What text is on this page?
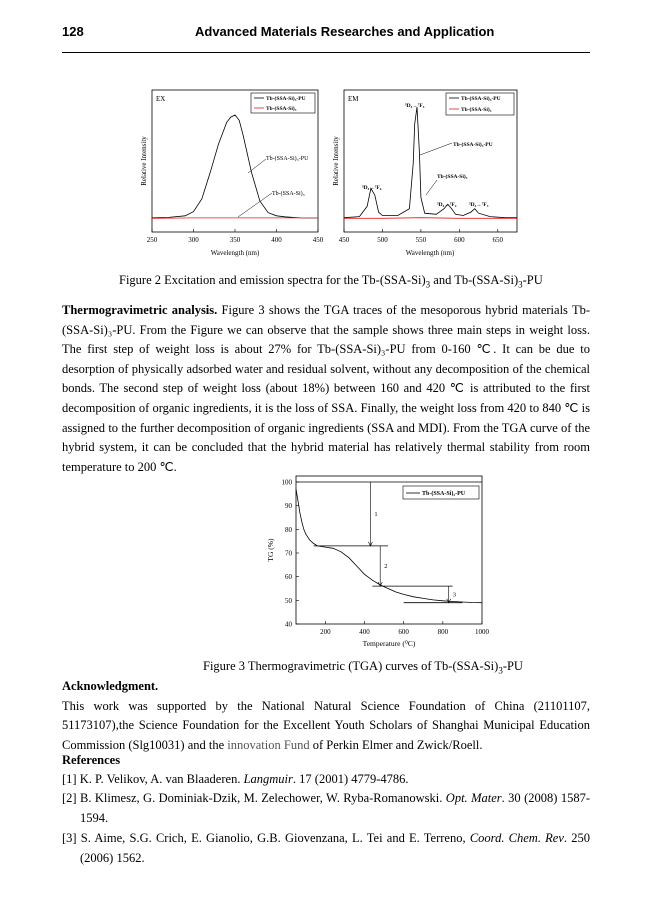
128	Advanced Materials Researches and Application
EX	Tb-(SSA-Si)₃-PU
Tb-(SSA-Si)₃
250	300	350	400	450
Wavelength (nm)
Relative Intensity	Tb-(SSA-Si)₃-PU
Tb-(SSA-Si)₃
EM	Tb-(SSA-Si)₃-PU
Tb-(SSA-Si)₃
450	500	550	600	650
Wavelength (nm)
Relative Intensity
⁵D₄→⁷F₅
⁵D₄→⁷F₆
⁵D₄→⁷F₄ ⁵D₄→⁷F₃
Tb-(SSA-Si)₃-PU
Tb-(SSA-Si)₃
Figure 2 Excitation and emission spectra for the $Tb-(SSA-Si)_3$ and $Tb-(SSA-Si)_3-PU$
Thermogravimetric analysis. Figure 3 shows the TGA traces of the mesoporous hybrid materials Tb-(SSA-Si)₃-PU. From the Figure we can observe that the sample shows three main steps in weight loss. The first step of weight loss is about 27% for Tb-(SSA-Si)₃-PU from 0-160 ℃. It can be due to desorption of physically adsorbed water and residual solvent, without any decomposition of the chemical bonds. The second step of weight loss (about 18%) between 160 and 420 ℃ is attributed to the first decomposition of organic ingredients, it is the loss of SSA. Finally, the weight loss from 420 to 840 ℃ is assigned to the further decomposition of organic ingredients (SSA and MDI). From the TGA curve of the hybrid system, it can be concluded that the hybrid material has relatively thermal stability from room temperature to 200 ℃.
40
50
60
70
80
90
100
200	400	600	800	1000
1
2
3
Tb-(SSA-Si)₃-PU
Temperature (⁰C)
TG (%)
Figure 3 Thermogravimetric (TGA) curves of $Tb-(SSA-Si)_3-PU$
Acknowledgment.
This work was supported by the National Natural Science Foundation of China (21101107, 51173107),the Science Foundation for the Excellent Youth Scholars of Shanghai Municipal Education Commission (Slg10031) and the innovation Fund of Perkin Elmer and Zwick/Roell.
References
[1] K. P. Velikov, A. van Blaaderen. Langmuir. 17 (2001) 4779-4786.
[2] B. Klimesz, G. Dominiak-Dzik, M. Zelechower, W. Ryba-Romanowski. Opt. Mater. 30 (2008) 1587-1594.
[3] S. Aime, S.G. Crich, E. Gianolio, G.B. Giovenzana, L. Tei and E. Terreno, Coord. Chem. Rev. 250 (2006) 1562.
